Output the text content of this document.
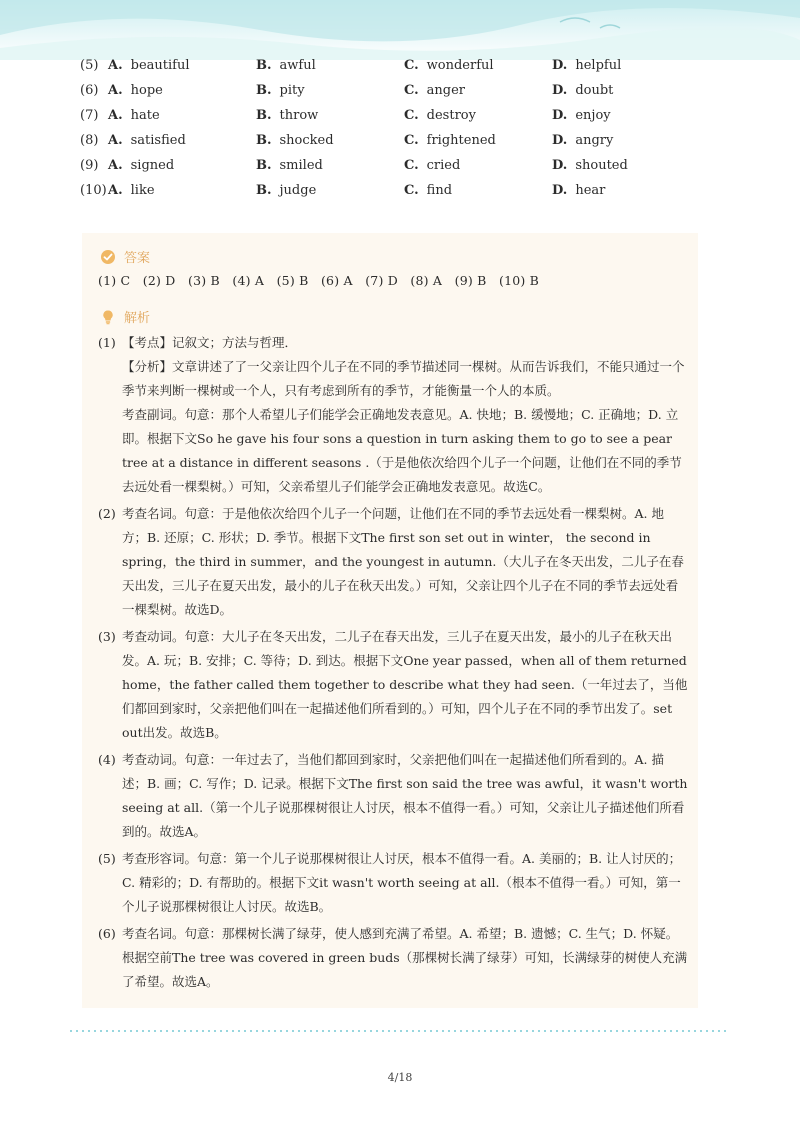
(5) A. beautiful	B. awful	C. wonderful	D. helpful
(6) A. hope	B. pity	C. anger	D. doubt
(7) A. hate	B. throw	C. destroy	D. enjoy
(8) A. satisfied	B. shocked	C. frightened	D. angry
(9) A. signed	B. smiled	C. cried	D. shouted
(10) A. like	B. judge	C. find	D. hear
答案
(1) C   (2) D   (3) B   (4) A   (5) B   (6) A   (7) D   (8) A   (9) B   (10) B
解析
(1) 【考点】记叙文；方法与哲理．

【分析】文章讲述了了一父亲让四个儿子在不同的季节描述同一棵树。从而告诉我们，不能只通过一个季节来判断一棵树或一个人，只有考虑到所有的季节，才能衡量一个人的本质。

考查副词。句意：那个人希望儿子们能学会正确地发表意见。A. 快地；B. 缓慢地；C. 正确地；D. 立即。根据下文So he gave his four sons a question in turn asking them to go to see a pear tree at a distance in different seasons .（于是他依次给四个儿子一个问题，让他们在不同的季节去远处看一棵梨树。）可知，父亲希望儿子们能学会正确地发表意见。故选C。

(2) 考查名词。句意：于是他依次给四个儿子一个问题，让他们在不同的季节去远处看一棵梨树。A. 地方；B. 还原；C. 形状；D. 季节。根据下文The first son set out in winter， the second in spring，the third in summer，and the youngest in autumn.（大儿子在冬天出发，二儿子在春天出发，三儿子在夏天出发，最小的儿子在秋天出发。）可知，父亲让四个儿子在不同的季节去远处看一棵梨树。故选D。

(3) 考查动词。句意：大儿子在冬天出发，二儿子在春天出发，三儿子在夏天出发，最小的儿子在秋天出发。A. 玩；B. 安排；C. 等待；D. 到达。根据下文One year passed，when all of them returned home，the father called them together to describe what they had seen.（一年过去了，当他们都回到家时，父亲把他们叫在一起描述他们所看到的。）可知，四个儿子在不同的季节出发了。set out出发。故选B。

(4) 考查动词。句意：一年过去了，当他们都回到家时，父亲把他们叫在一起描述他们所看到的。A. 描述；B. 画；C. 写作；D. 记录。根据下文The first son said the tree was awful，it wasn't worth seeing at all.（第一个儿子说那棵树很让人讨厌，根本不值得一看。）可知，父亲让儿子描述他们所看到的。故选A。

(5) 考查形容词。句意：第一个儿子说那棵树很让人讨厌，根本不值得一看。A. 美丽的；B. 让人讨厌的；C. 精彩的；D. 有帮助的。根据下文it wasn't worth seeing at all.（根本不值得一看。）可知，第一个儿子说那棵树很让人讨厌。故选B。

(6) 考查名词。句意：那棵树长满了绿芽，使人感到充满了希望。A. 希望；B. 遗憾；C. 生气；D. 怀疑。根据空前The tree was covered in green buds（那棵树长满了绿芽）可知，长满绿芽的树使人充满了希望。故选A。

4/18
